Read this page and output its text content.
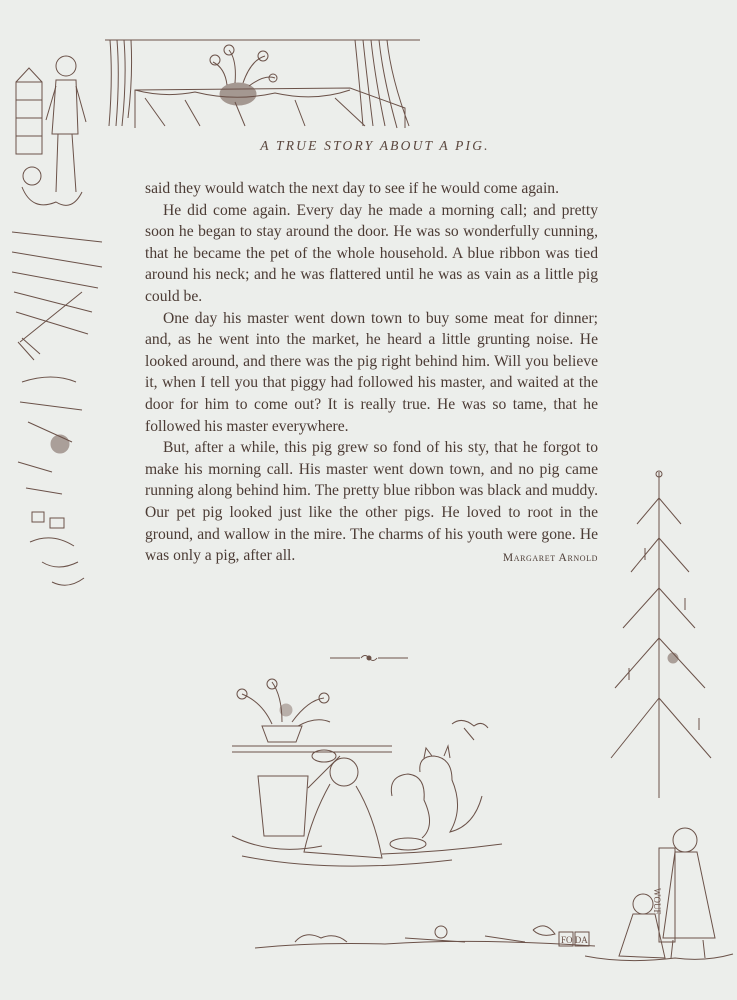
A TRUE STORY ABOUT A PIG.

said they would watch the next day to see if he would come again.

He did come again. Every day he made a morning call; and pretty soon he began to stay around the door. He was so wonderfully cunning, that he became the pet of the whole household. A blue ribbon was tied around his neck; and he was flattered until he was as vain as a little pig could be.

One day his master went down town to buy some meat for dinner; and, as he went into the market, he heard a little grunting noise. He looked around, and there was the pig right behind him. Will you believe it, when I tell you that piggy had followed his master, and waited at the door for him to come out? It is really true. He was so tame, that he followed his master everywhere.

But, after a while, this pig grew so fond of his sty, that he forgot to make his morning call. His master went down town, and no pig came running along behind him. The pretty blue ribbon was black and muddy. Our pet pig looked just like the other pigs. He loved to root in the ground, and wallow in the mire. The charms of his youth were gone. He was only a pig, after all.	Margaret Arnold

WOUF
FO DA
